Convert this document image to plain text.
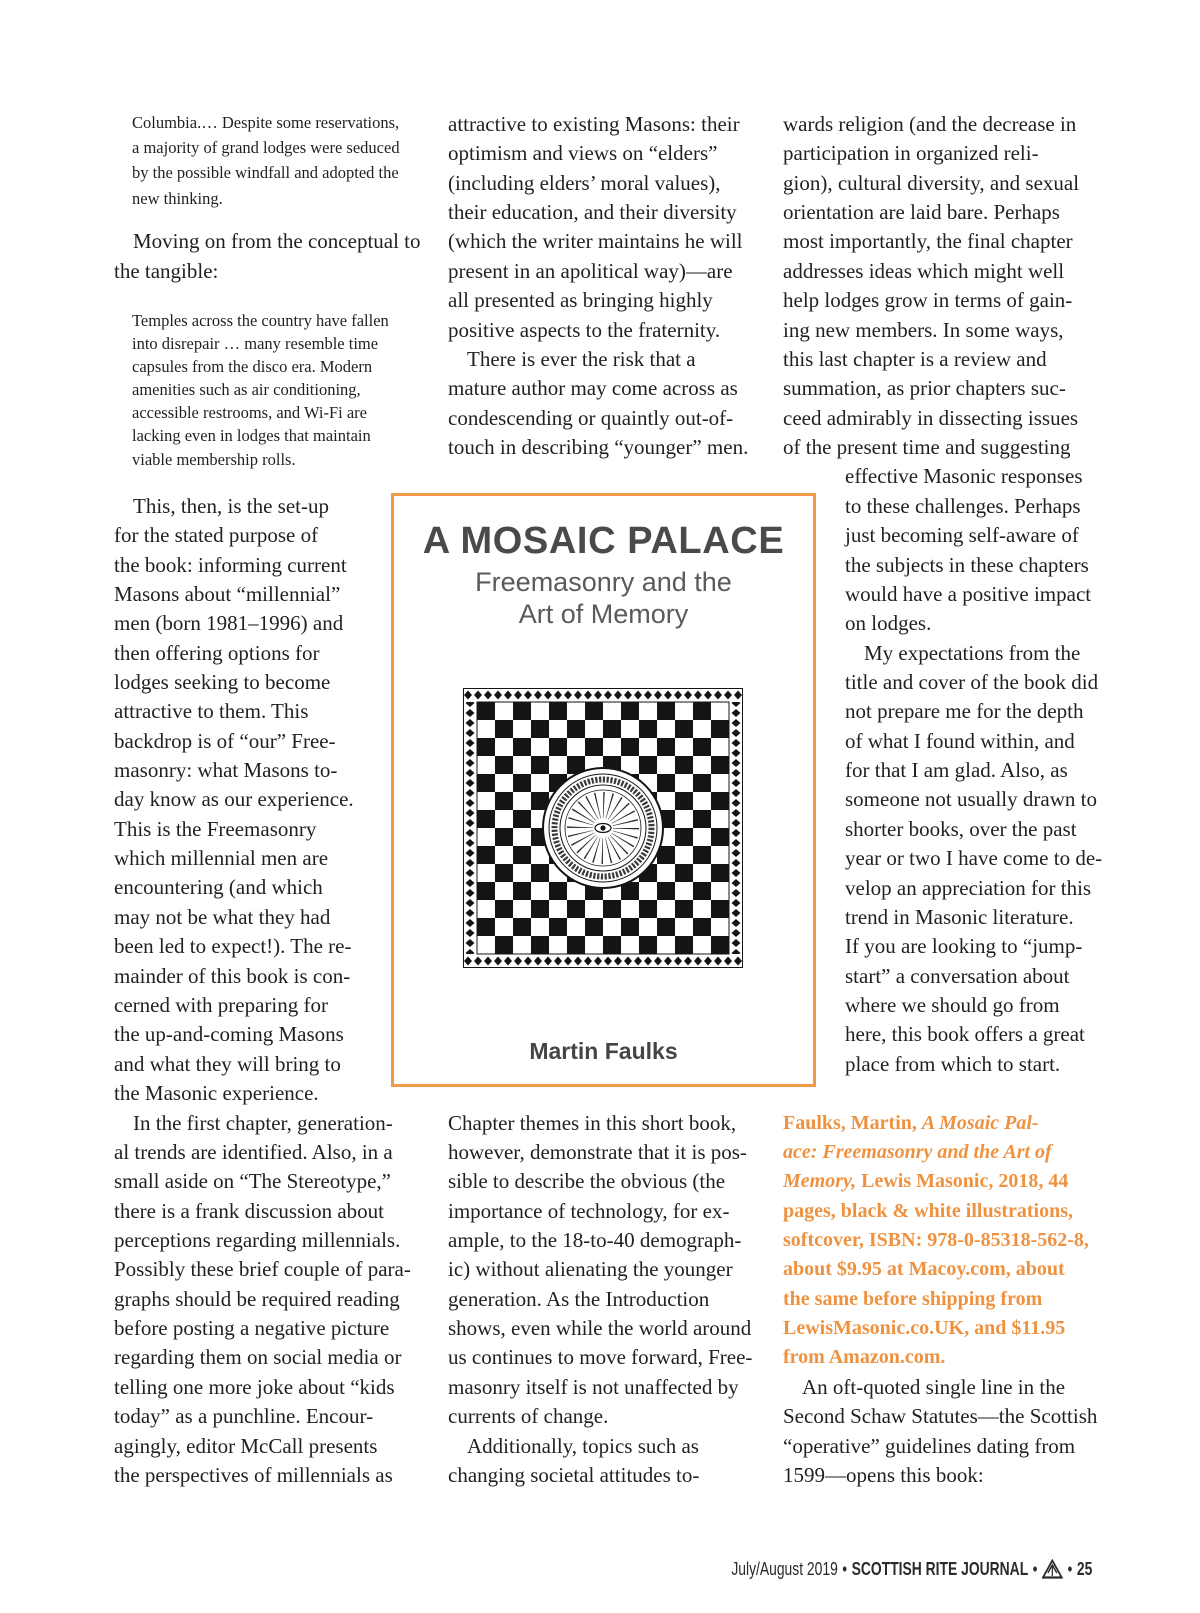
Columbia.… Despite some reservations,
a majority of grand lodges were seduced
by the possible windfall and adopted the
new thinking.
Moving on from the conceptual to
the tangible:
Temples across the country have fallen
into disrepair … many resemble time
capsules from the disco era. Modern
amenities such as air conditioning,
accessible restrooms, and Wi-Fi are
lacking even in lodges that maintain
viable membership rolls.
This, then, is the set-up
for the stated purpose of
the book: informing current
Masons about “millennial”
men (born 1981–1996) and
then offering options for
lodges seeking to become
attractive to them. This
backdrop is of “our” Free-
masonry: what Masons to-
day know as our experience.
This is the Freemasonry
which millennial men are
encountering (and which
may not be what they had
been led to expect!). The re-
mainder of this book is con-
cerned with preparing for
the up-and-coming Masons
and what they will bring to
the Masonic experience.
In the first chapter, generation-
al trends are identified. Also, in a
small aside on “The Stereotype,”
there is a frank discussion about
perceptions regarding millennials.
Possibly these brief couple of para-
graphs should be required reading
before posting a negative picture
regarding them on social media or
telling one more joke about “kids
today” as a punchline. Encour-
agingly, editor McCall presents
the perspectives of millennials as
attractive to existing Masons: their
optimism and views on “elders”
(including elders’ moral values),
their education, and their diversity
(which the writer maintains he will
present in an apolitical way)—are
all presented as bringing highly
positive aspects to the fraternity.
There is ever the risk that a
mature author may come across as
condescending or quaintly out-of-
touch in describing “younger” men.
Chapter themes in this short book,
however, demonstrate that it is pos-
sible to describe the obvious (the
importance of technology, for ex-
ample, to the 18-to-40 demograph-
ic) without alienating the younger
generation. As the Introduction
shows, even while the world around
us continues to move forward, Free-
masonry itself is not unaffected by
currents of change.
Additionally, topics such as
changing societal attitudes to-
wards religion (and the decrease in
participation in organized reli-
gion), cultural diversity, and sexual
orientation are laid bare. Perhaps
most importantly, the final chapter
addresses ideas which might well
help lodges grow in terms of gain-
ing new members. In some ways,
this last chapter is a review and
summation, as prior chapters suc-
ceed admirably in dissecting issues
of the present time and suggesting
effective Masonic responses
to these challenges. Perhaps
just becoming self-aware of
the subjects in these chapters
would have a positive impact
on lodges.
My expectations from the
title and cover of the book did
not prepare me for the depth
of what I found within, and
for that I am glad. Also, as
someone not usually drawn to
shorter books, over the past
year or two I have come to de-
velop an appreciation for this
trend in Masonic literature.
If you are looking to “jump-
start” a conversation about
where we should go from
here, this book offers a great
place from which to start.
Faulks, Martin, A Mosaic Pal-
ace: Freemasonry and the Art of
Memory, Lewis Masonic, 2018, 44
pages, black & white illustrations,
softcover, ISBN: 978-0-85318-562-8,
about $9.95 at Macoy.com, about
the same before shipping from
LewisMasonic.co.UK, and $11.95
from Amazon.com.
An oft-quoted single line in the
Second Schaw Statutes—the Scottish
“operative” guidelines dating from
1599—opens this book:
A MOSAIC PALACE
Freemasonry and the
Art of Memory
Martin Faulks
July/August 2019 • SCOTTISH RITE JOURNAL • • 25
